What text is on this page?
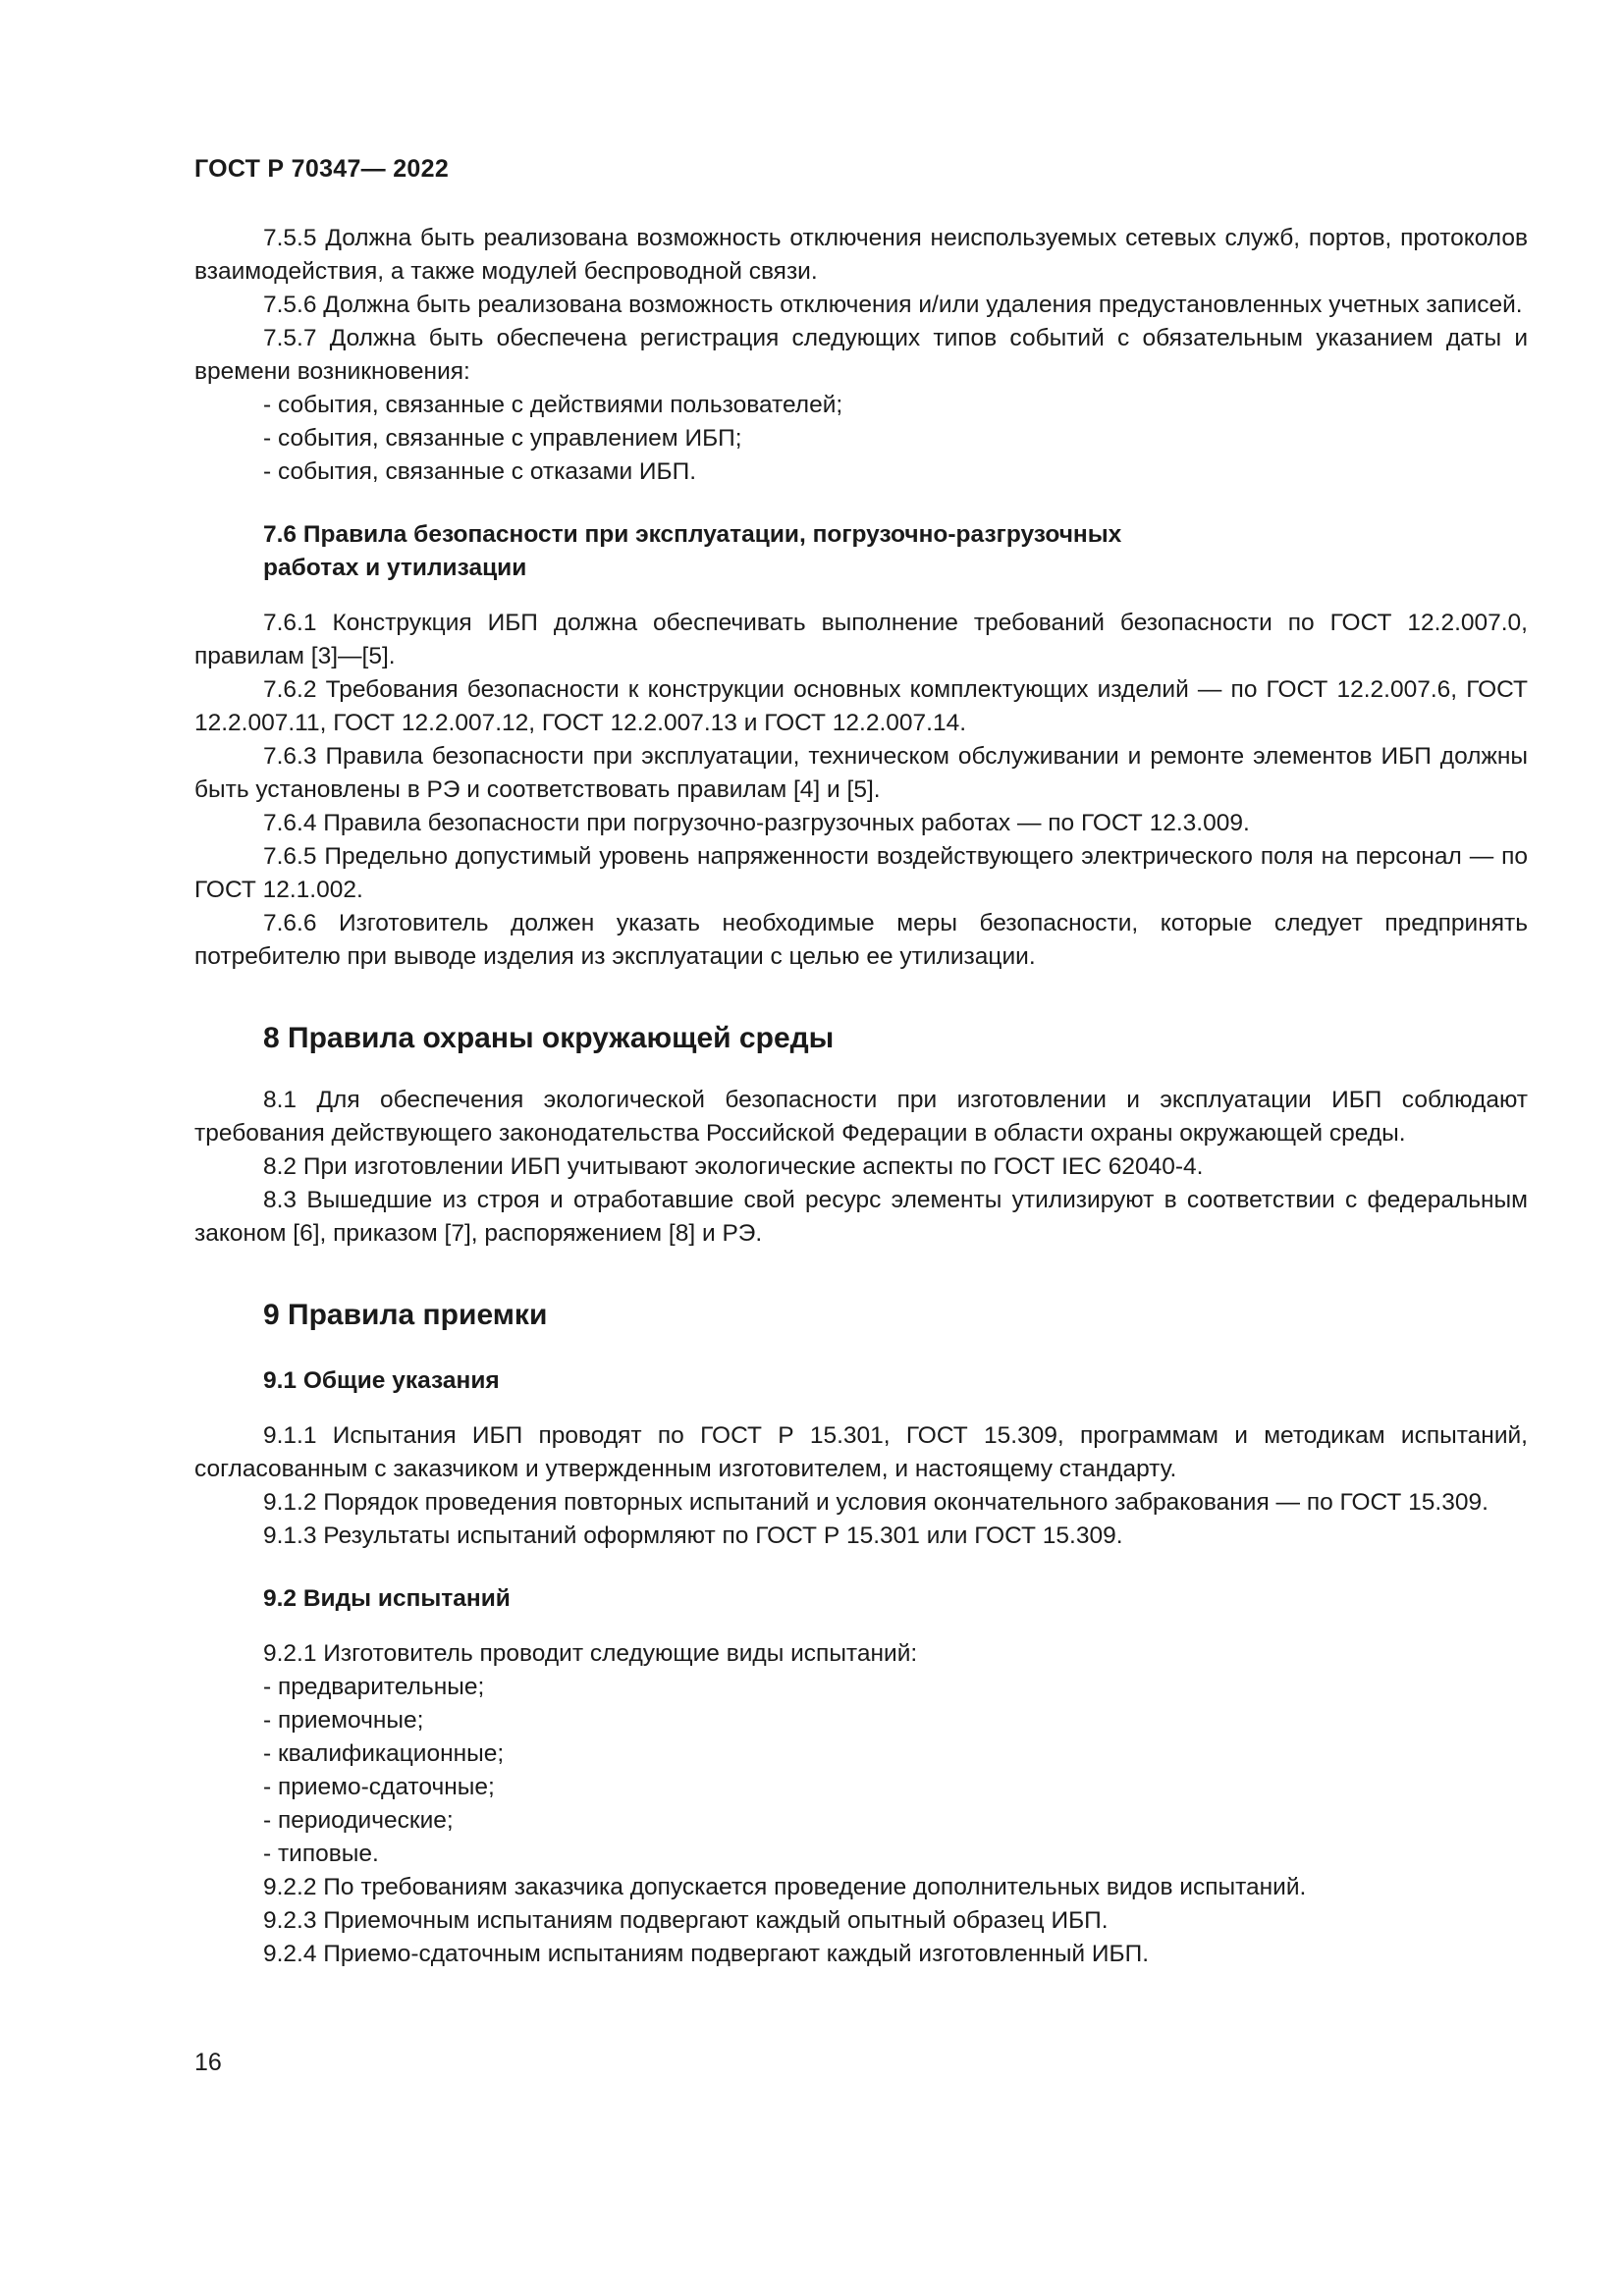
ГОСТ Р 70347— 2022

7.5.5 Должна быть реализована возможность отключения неиспользуемых сетевых служб, портов, протоколов взаимодействия, а также модулей беспроводной связи.

7.5.6 Должна быть реализована возможность отключения и/или удаления предустановленных учетных записей.

7.5.7 Должна быть обеспечена регистрация следующих типов событий с обязательным указанием даты и времени возникновения:

- события, связанные с действиями пользователей;

- события, связанные с управлением ИБП;

- события, связанные с отказами ИБП.

7.6 Правила безопасности при эксплуатации, погрузочно-разгрузочных работах и утилизации

7.6.1 Конструкция ИБП должна обеспечивать выполнение требований безопасности по ГОСТ 12.2.007.0, правилам [3]—[5].

7.6.2 Требования безопасности к конструкции основных комплектующих изделий — по ГОСТ 12.2.007.6, ГОСТ 12.2.007.11, ГОСТ 12.2.007.12, ГОСТ 12.2.007.13 и ГОСТ 12.2.007.14.

7.6.3 Правила безопасности при эксплуатации, техническом обслуживании и ремонте элементов ИБП должны быть установлены в РЭ и соответствовать правилам [4] и [5].

7.6.4 Правила безопасности при погрузочно-разгрузочных работах — по ГОСТ 12.3.009.

7.6.5 Предельно допустимый уровень напряженности воздействующего электрического поля на персонал — по ГОСТ 12.1.002.

7.6.6 Изготовитель должен указать необходимые меры безопасности, которые следует предпринять потребителю при выводе изделия из эксплуатации с целью ее утилизации.

8 Правила охраны окружающей среды

8.1 Для обеспечения экологической безопасности при изготовлении и эксплуатации ИБП соблюдают требования действующего законодательства Российской Федерации в области охраны окружающей среды.

8.2 При изготовлении ИБП учитывают экологические аспекты по ГОСТ IEC 62040-4.

8.3 Вышедшие из строя и отработавшие свой ресурс элементы утилизируют в соответствии с федеральным законом [6], приказом [7], распоряжением [8] и РЭ.

9 Правила приемки
9.1 Общие указания

9.1.1 Испытания ИБП проводят по ГОСТ Р 15.301, ГОСТ 15.309, программам и методикам испытаний, согласованным с заказчиком и утвержденным изготовителем, и настоящему стандарту.

9.1.2 Порядок проведения повторных испытаний и условия окончательного забракования — по ГОСТ 15.309.

9.1.3 Результаты испытаний оформляют по ГОСТ Р 15.301 или ГОСТ 15.309.

9.2 Виды испытаний

9.2.1 Изготовитель проводит следующие виды испытаний:

- предварительные;

- приемочные;

- квалификационные;

- приемо-сдаточные;

- периодические;

- типовые.

9.2.2 По требованиям заказчика допускается проведение дополнительных видов испытаний.

9.2.3 Приемочным испытаниям подвергают каждый опытный образец ИБП.

9.2.4 Приемо-сдаточным испытаниям подвергают каждый изготовленный ИБП.

16
